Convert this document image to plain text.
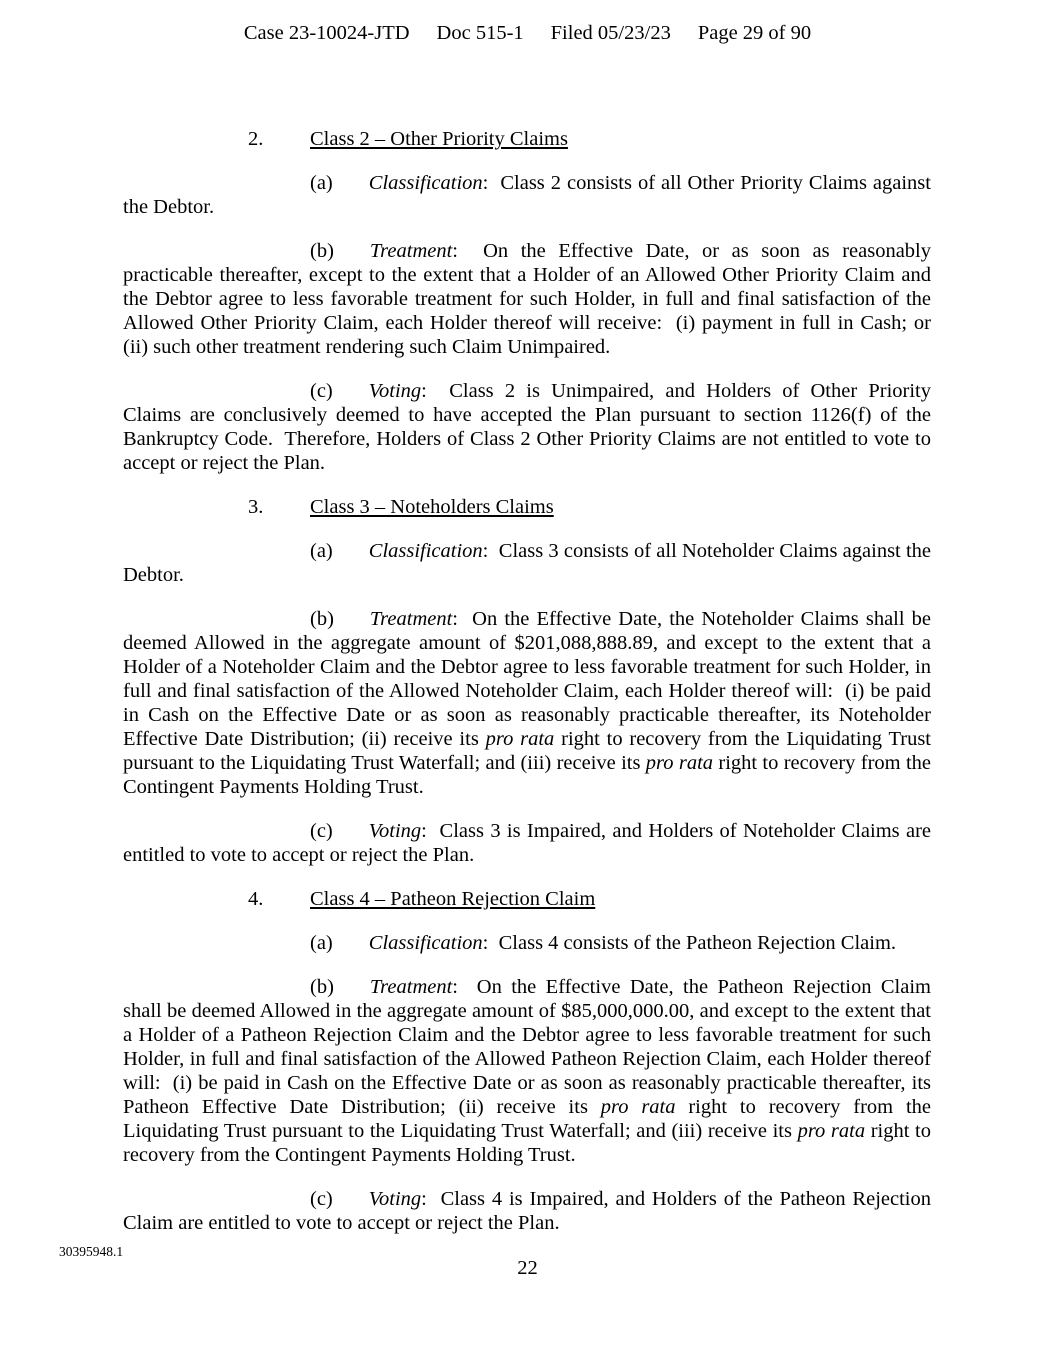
Case 23-10024-JTD Doc 515-1 Filed 05/23/23 Page 29 of 90
2. Class 2 – Other Priority Claims

(a) Classification:  Class 2 consists of all Other Priority Claims against the Debtor.

(b) Treatment:  On the Effective Date, or as soon as reasonably practicable thereafter, except to the extent that a Holder of an Allowed Other Priority Claim and the Debtor agree to less favorable treatment for such Holder, in full and final satisfaction of the Allowed Other Priority Claim, each Holder thereof will receive:  (i) payment in full in Cash; or (ii) such other treatment rendering such Claim Unimpaired.

(c) Voting:  Class 2 is Unimpaired, and Holders of Other Priority Claims are conclusively deemed to have accepted the Plan pursuant to section 1126(f) of the Bankruptcy Code.  Therefore, Holders of Class 2 Other Priority Claims are not entitled to vote to accept or reject the Plan.

3. Class 3 – Noteholders Claims

(a) Classification:  Class 3 consists of all Noteholder Claims against the Debtor.

(b) Treatment:  On the Effective Date, the Noteholder Claims shall be deemed Allowed in the aggregate amount of $201,088,888.89, and except to the extent that a Holder of a Noteholder Claim and the Debtor agree to less favorable treatment for such Holder, in full and final satisfaction of the Allowed Noteholder Claim, each Holder thereof will:  (i) be paid in Cash on the Effective Date or as soon as reasonably practicable thereafter, its Noteholder Effective Date Distribution; (ii) receive its pro rata right to recovery from the Liquidating Trust pursuant to the Liquidating Trust Waterfall; and (iii) receive its pro rata right to recovery from the Contingent Payments Holding Trust.

(c) Voting:  Class 3 is Impaired, and Holders of Noteholder Claims are entitled to vote to accept or reject the Plan.

4. Class 4 – Patheon Rejection Claim

(a) Classification:  Class 4 consists of the Patheon Rejection Claim.

(b) Treatment:  On the Effective Date, the Patheon Rejection Claim shall be deemed Allowed in the aggregate amount of $85,000,000.00, and except to the extent that a Holder of a Patheon Rejection Claim and the Debtor agree to less favorable treatment for such Holder, in full and final satisfaction of the Allowed Patheon Rejection Claim, each Holder thereof will:  (i) be paid in Cash on the Effective Date or as soon as reasonably practicable thereafter, its Patheon Effective Date Distribution; (ii) receive its pro rata right to recovery from the Liquidating Trust pursuant to the Liquidating Trust Waterfall; and (iii) receive its pro rata right to recovery from the Contingent Payments Holding Trust.

(c) Voting:  Class 4 is Impaired, and Holders of the Patheon Rejection Claim are entitled to vote to accept or reject the Plan.

30395948.1
22
